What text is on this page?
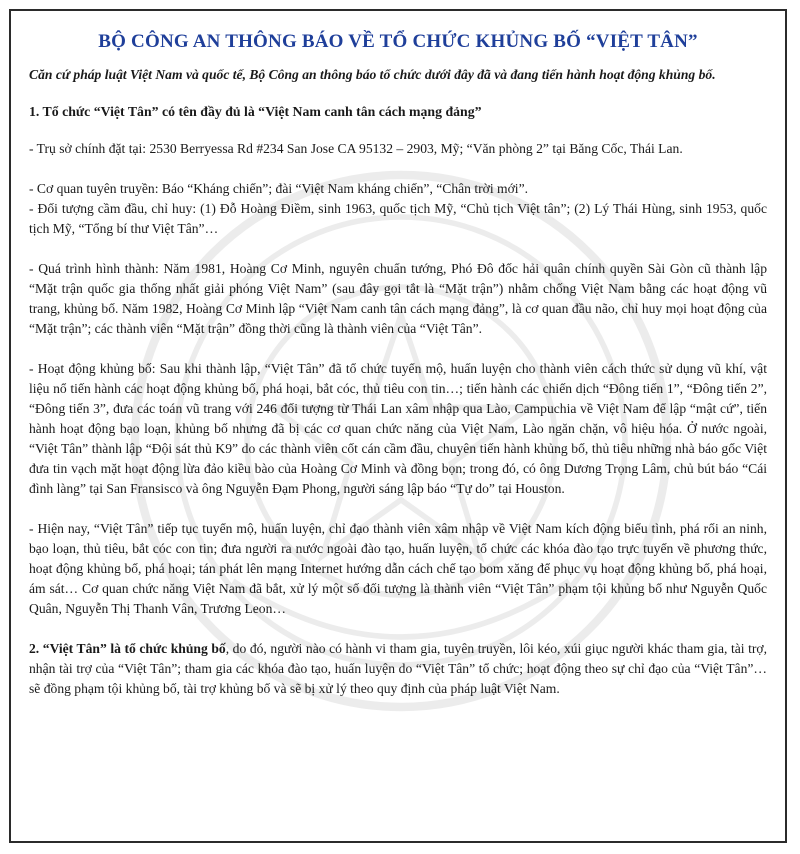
BỘ CÔNG AN THÔNG BÁO VỀ TỔ CHỨC KHỦNG BỐ “VIỆT TÂN”
Căn cứ pháp luật Việt Nam và quốc tế, Bộ Công an thông báo tổ chức dưới đây đã và đang tiến hành hoạt động khủng bố.
1. Tổ chức “Việt Tân” có tên đầy đủ là “Việt Nam canh tân cách mạng đảng”

- Trụ sở chính đặt tại: 2530 Berryessa Rd #234 San Jose CA 95132 – 2903, Mỹ; “Văn phòng 2” tại Băng Cốc, Thái Lan.

- Cơ quan tuyên truyền: Báo “Kháng chiến”; đài “Việt Nam kháng chiến”, “Chân trời mới”.

- Đối tượng cầm đầu, chỉ huy: (1) Đỗ Hoàng Điềm, sinh 1963, quốc tịch Mỹ, “Chủ tịch Việt tân”; (2) Lý Thái Hùng, sinh 1953, quốc tịch Mỹ, “Tổng bí thư Việt Tân”…

- Quá trình hình thành: Năm 1981, Hoàng Cơ Minh, nguyên chuẩn tướng, Phó Đô đốc hải quân chính quyền Sài Gòn cũ thành lập “Mặt trận quốc gia thống nhất giải phóng Việt Nam” (sau đây gọi tắt là “Mặt trận”) nhằm chống Việt Nam bằng các hoạt động vũ trang, khủng bố. Năm 1982, Hoàng Cơ Minh lập “Việt Nam canh tân cách mạng đảng”, là cơ quan đầu não, chỉ huy mọi hoạt động của “Mặt trận”; các thành viên “Mặt trận” đồng thời cũng là thành viên của “Việt Tân”.

- Hoạt động khủng bố: Sau khi thành lập, “Việt Tân” đã tổ chức tuyển mộ, huấn luyện cho thành viên cách thức sử dụng vũ khí, vật liệu nổ tiến hành các hoạt động khủng bố, phá hoại, bắt cóc, thủ tiêu con tin…; tiến hành các chiến dịch “Đông tiến 1”, “Đông tiến 2”, “Đông tiến 3”, đưa các toán vũ trang với 246 đối tượng từ Thái Lan xâm nhập qua Lào, Campuchia về Việt Nam để lập “mật cứ”, tiến hành hoạt động bạo loạn, khủng bố nhưng đã bị các cơ quan chức năng của Việt Nam, Lào ngăn chặn, vô hiệu hóa. Ở nước ngoài, “Việt Tân” thành lập “Đội sát thủ K9” do các thành viên cốt cán cầm đầu, chuyên tiến hành khủng bố, thủ tiêu những nhà báo gốc Việt đưa tin vạch mặt hoạt động lừa đảo kiều bào của Hoàng Cơ Minh và đồng bọn; trong đó, có ông Dương Trọng Lâm, chủ bút báo “Cái đình làng” tại San Fransisco và ông Nguyễn Đạm Phong, người sáng lập báo “Tự do” tại Houston.

- Hiện nay, “Việt Tân” tiếp tục tuyển mộ, huấn luyện, chỉ đạo thành viên xâm nhập về Việt Nam kích động biểu tình, phá rối an ninh, bạo loạn, thủ tiêu, bắt cóc con tin; đưa người ra nước ngoài đào tạo, huấn luyện, tổ chức các khóa đào tạo trực tuyến về phương thức, hoạt động khủng bố, phá hoại; tán phát lên mạng Internet hướng dẫn cách chế tạo bom xăng để phục vụ hoạt động khủng bố, phá hoại, ám sát… Cơ quan chức năng Việt Nam đã bắt, xử lý một số đối tượng là thành viên “Việt Tân” phạm tội khủng bố như Nguyễn Quốc Quân, Nguyễn Thị Thanh Vân, Trương Leon…

2. “Việt Tân” là tổ chức khủng bố, do đó, người nào có hành vi tham gia, tuyên truyền, lôi kéo, xúi giục người khác tham gia, tài trợ, nhận tài trợ của “Việt Tân”; tham gia các khóa đào tạo, huấn luyện do “Việt Tân” tổ chức; hoạt động theo sự chỉ đạo của “Việt Tân”… sẽ đồng phạm tội khủng bố, tài trợ khủng bố và sẽ bị xử lý theo quy định của pháp luật Việt Nam.
